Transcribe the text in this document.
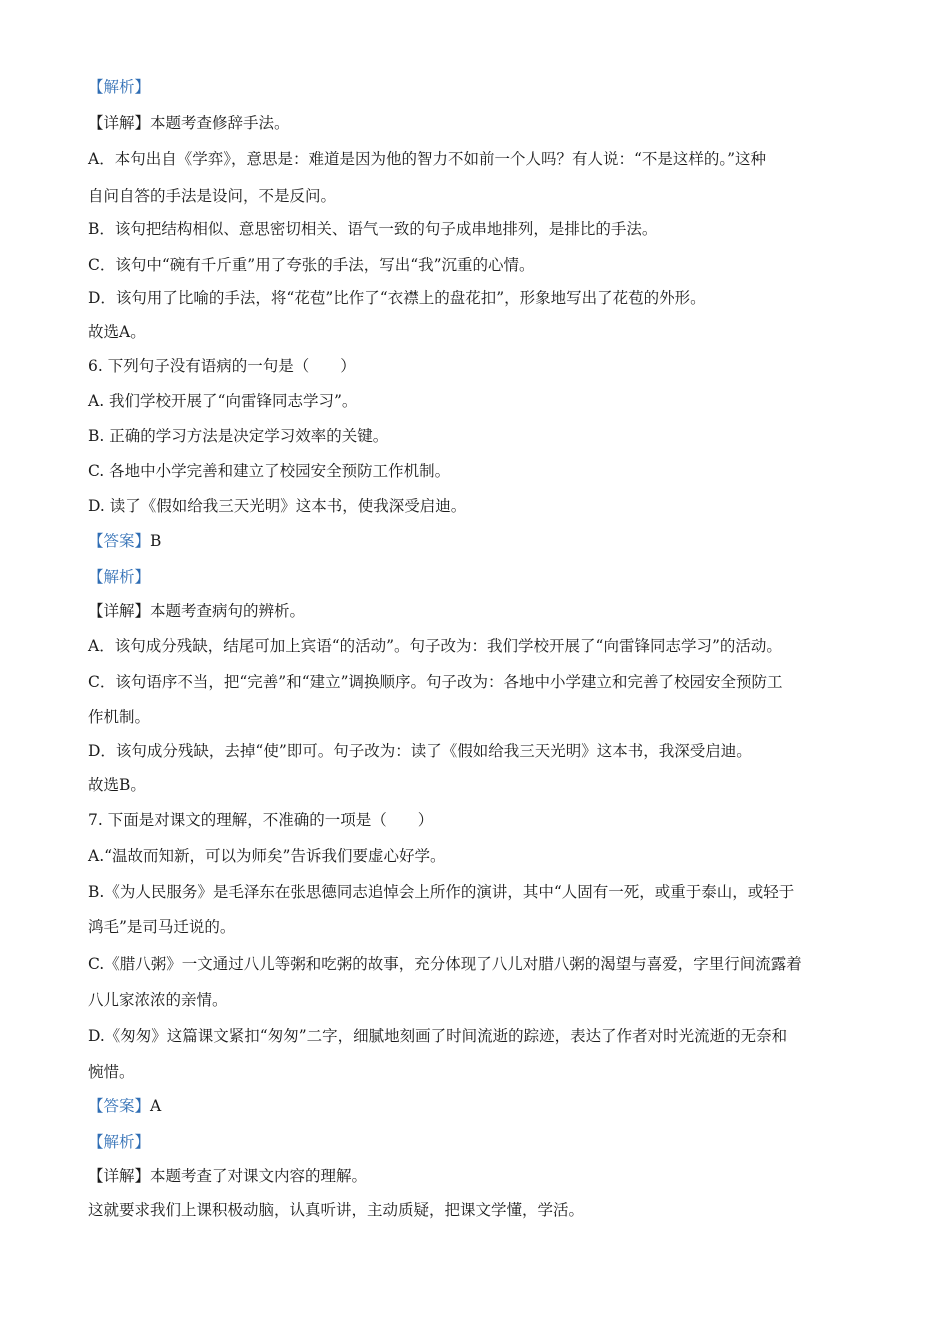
【解析】
【详解】本题考查修辞手法。
A．本句出自《学弈》，意思是：难道是因为他的智力不如前一个人吗？有人说：“不是这样的。”这种
自问自答的手法是设问，不是反问。
B．该句把结构相似、意思密切相关、语气一致的句子成串地排列，是排比的手法。
C．该句中“碗有千斤重”用了夸张的手法，写出“我”沉重的心情。
D．该句用了比喻的手法，将“花苞”比作了“衣襟上的盘花扣”，形象地写出了花苞的外形。
故选A。
6. 下列句子没有语病的一句是（　　）
A. 我们学校开展了“向雷锋同志学习”。
B. 正确的学习方法是决定学习效率的关键。
C. 各地中小学完善和建立了校园安全预防工作机制。
D. 读了《假如给我三天光明》这本书，使我深受启迪。
【答案】B
【解析】
【详解】本题考查病句的辨析。
A．该句成分残缺，结尾可加上宾语“的活动”。句子改为：我们学校开展了“向雷锋同志学习”的活动。
C．该句语序不当，把“完善”和“建立”调换顺序。句子改为：各地中小学建立和完善了校园安全预防工
作机制。
D．该句成分残缺，去掉“使”即可。句子改为：读了《假如给我三天光明》这本书，我深受启迪。
故选B。
7. 下面是对课文的理解，不准确的一项是（　　）
A.“温故而知新，可以为师矣”告诉我们要虚心好学。
B.《为人民服务》是毛泽东在张思德同志追悼会上所作的演讲，其中“人固有一死，或重于泰山，或轻于
鸿毛”是司马迁说的。
C.《腊八粥》一文通过八儿等粥和吃粥的故事，充分体现了八儿对腊八粥的渴望与喜爱，字里行间流露着
八儿家浓浓的亲情。
D.《匆匆》这篇课文紧扣“匆匆”二字，细腻地刻画了时间流逝的踪迹，表达了作者对时光流逝的无奈和
惋惜。
【答案】A
【解析】
【详解】本题考查了对课文内容的理解。
这就要求我们上课积极动脑，认真听讲，主动质疑，把课文学懂，学活。
